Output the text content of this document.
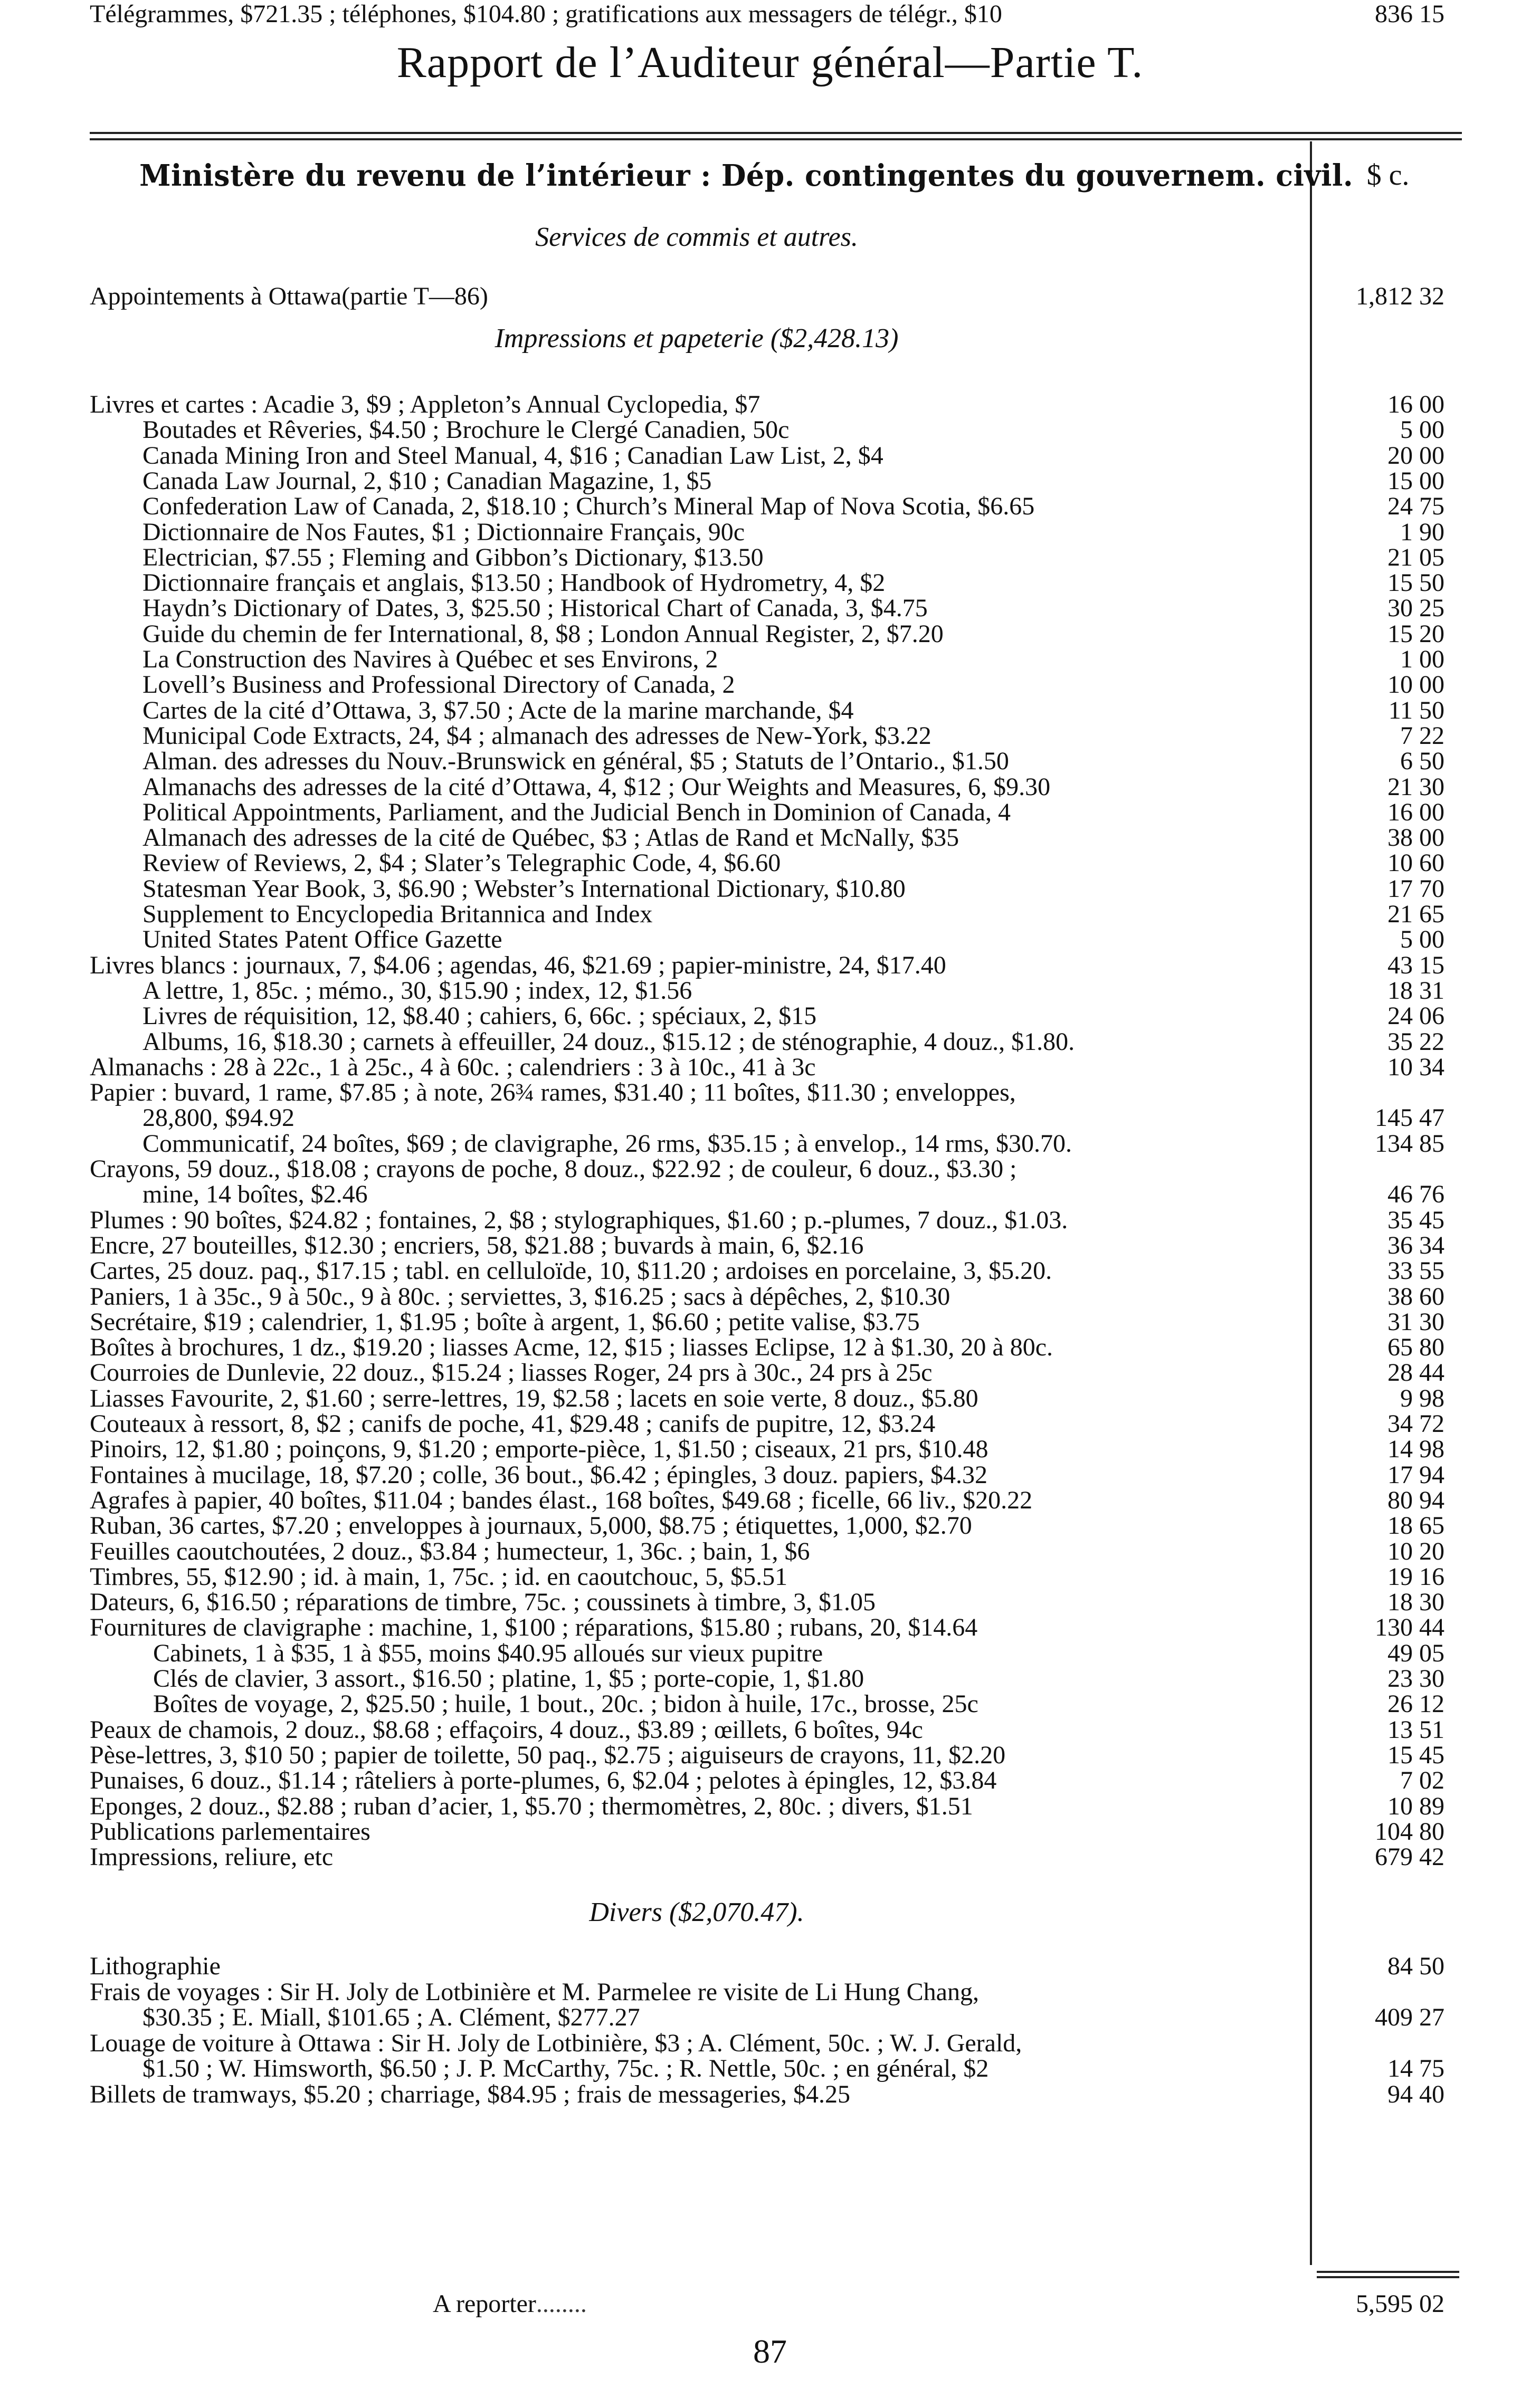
Rapport de l’Auditeur général—Partie T.
Ministère du revenu de l’intérieur : Dép. contingentes du gouvernem. civil. $ c.
Services de commis et autres.
Impressions et papeterie ($2,428.13)
Divers ($2,070.47).
Appointements à Ottawa(partie T—86)	1,812 32
Livres et cartes : Acadie 3, $9 ; Appleton’s Annual Cyclopedia, $7	16 00
Boutades et Rêveries, $4.50 ; Brochure le Clergé Canadien, 50c	5 00
Canada Mining Iron and Steel Manual, 4, $16 ; Canadian Law List, 2, $4	20 00
Canada Law Journal, 2, $10 ; Canadian Magazine, 1, $5	15 00
Confederation Law of Canada, 2, $18.10 ; Church’s Mineral Map of Nova Scotia, $6.65	24 75
Dictionnaire de Nos Fautes, $1 ; Dictionnaire Français, 90c	1 90
Electrician, $7.55 ; Fleming and Gibbon’s Dictionary, $13.50	21 05
Dictionnaire français et anglais, $13.50 ; Handbook of Hydrometry, 4, $2	15 50
Haydn’s Dictionary of Dates, 3, $25.50 ; Historical Chart of Canada, 3, $4.75	30 25
Guide du chemin de fer International, 8, $8 ; London Annual Register, 2, $7.20	15 20
La Construction des Navires à Québec et ses Environs, 2	1 00
Lovell’s Business and Professional Directory of Canada, 2	10 00
Cartes de la cité d’Ottawa, 3, $7.50 ; Acte de la marine marchande, $4	11 50
Municipal Code Extracts, 24, $4 ; almanach des adresses de New-York, $3.22	7 22
Alman. des adresses du Nouv.-Brunswick en général, $5 ; Statuts de l’Ontario., $1.50	6 50
Almanachs des adresses de la cité d’Ottawa, 4, $12 ; Our Weights and Measures, 6, $9.30	21 30
Political Appointments, Parliament, and the Judicial Bench in Dominion of Canada, 4	16 00
Almanach des adresses de la cité de Québec, $3 ; Atlas de Rand et McNally, $35	38 00
Review of Reviews, 2, $4 ; Slater’s Telegraphic Code, 4, $6.60	10 60
Statesman Year Book, 3, $6.90 ; Webster’s International Dictionary, $10.80	17 70
Supplement to Encyclopedia Britannica and Index	21 65
United States Patent Office Gazette	5 00
Livres blancs : journaux, 7, $4.06 ; agendas, 46, $21.69 ; papier-ministre, 24, $17.40	43 15
A lettre, 1, 85c. ; mémo., 30, $15.90 ; index, 12, $1.56	18 31
Livres de réquisition, 12, $8.40 ; cahiers, 6, 66c. ; spéciaux, 2, $15	24 06
Albums, 16, $18.30 ; carnets à effeuiller, 24 douz., $15.12 ; de sténographie, 4 douz., $1.80.	35 22
Almanachs : 28 à 22c., 1 à 25c., 4 à 60c. ; calendriers : 3 à 10c., 41 à 3c	10 34
Papier : buvard, 1 rame, $7.85 ; à note, 26¾ rames, $31.40 ; 11 boîtes, $11.30 ; enveloppes,
28,800, $94.92	145 47
Communicatif, 24 boîtes, $69 ; de clavigraphe, 26 rms, $35.15 ; à envelop., 14 rms, $30.70.	134 85
Crayons, 59 douz., $18.08 ; crayons de poche, 8 douz., $22.92 ; de couleur, 6 douz., $3.30 ;
mine, 14 boîtes, $2.46	46 76
Plumes : 90 boîtes, $24.82 ; fontaines, 2, $8 ; stylographiques, $1.60 ; p.-plumes, 7 douz., $1.03.	35 45
Encre, 27 bouteilles, $12.30 ; encriers, 58, $21.88 ; buvards à main, 6, $2.16	36 34
Cartes, 25 douz. paq., $17.15 ; tabl. en celluloïde, 10, $11.20 ; ardoises en porcelaine, 3, $5.20.	33 55
Paniers, 1 à 35c., 9 à 50c., 9 à 80c. ; serviettes, 3, $16.25 ; sacs à dépêches, 2, $10.30	38 60
Secrétaire, $19 ; calendrier, 1, $1.95 ; boîte à argent, 1, $6.60 ; petite valise, $3.75	31 30
Boîtes à brochures, 1 dz., $19.20 ; liasses Acme, 12, $15 ; liasses Eclipse, 12 à $1.30, 20 à 80c.	65 80
Courroies de Dunlevie, 22 douz., $15.24 ; liasses Roger, 24 prs à 30c., 24 prs à 25c	28 44
Liasses Favourite, 2, $1.60 ; serre-lettres, 19, $2.58 ; lacets en soie verte, 8 douz., $5.80	9 98
Couteaux à ressort, 8, $2 ; canifs de poche, 41, $29.48 ; canifs de pupitre, 12, $3.24	34 72
Pinoirs, 12, $1.80 ; poinçons, 9, $1.20 ; emporte-pièce, 1, $1.50 ; ciseaux, 21 prs, $10.48	14 98
Fontaines à mucilage, 18, $7.20 ; colle, 36 bout., $6.42 ; épingles, 3 douz. papiers, $4.32	17 94
Agrafes à papier, 40 boîtes, $11.04 ; bandes élast., 168 boîtes, $49.68 ; ficelle, 66 liv., $20.22	80 94
Ruban, 36 cartes, $7.20 ; enveloppes à journaux, 5,000, $8.75 ; étiquettes, 1,000, $2.70	18 65
Feuilles caoutchoutées, 2 douz., $3.84 ; humecteur, 1, 36c. ; bain, 1, $6	10 20
Timbres, 55, $12.90 ; id. à main, 1, 75c. ; id. en caoutchouc, 5, $5.51	19 16
Dateurs, 6, $16.50 ; réparations de timbre, 75c. ; coussinets à timbre, 3, $1.05	18 30
Fournitures de clavigraphe : machine, 1, $100 ; réparations, $15.80 ; rubans, 20, $14.64	130 44
Cabinets, 1 à $35, 1 à $55, moins $40.95 alloués sur vieux pupitre	49 05
Clés de clavier, 3 assort., $16.50 ; platine, 1, $5 ; porte-copie, 1, $1.80	23 30
Boîtes de voyage, 2, $25.50 ; huile, 1 bout., 20c. ; bidon à huile, 17c., brosse, 25c	26 12
Peaux de chamois, 2 douz., $8.68 ; effaçoirs, 4 douz., $3.89 ; œillets, 6 boîtes, 94c	13 51
Pèse-lettres, 3, $10 50 ; papier de toilette, 50 paq., $2.75 ; aiguiseurs de crayons, 11, $2.20	15 45
Punaises, 6 douz., $1.14 ; râteliers à porte-plumes, 6, $2.04 ; pelotes à épingles, 12, $3.84	7 02
Eponges, 2 douz., $2.88 ; ruban d’acier, 1, $5.70 ; thermomètres, 2, 80c. ; divers, $1.51	10 89
Publications parlementaires	104 80
Impressions, reliure, etc	679 42
Lithographie	84 50
Frais de voyages : Sir H. Joly de Lotbinière et M. Parmelee re visite de Li Hung Chang,
$30.35 ; E. Miall, $101.65 ; A. Clément, $277.27	409 27
Louage de voiture à Ottawa : Sir H. Joly de Lotbinière, $3 ; A. Clément, 50c. ; W. J. Gerald,
$1.50 ; W. Himsworth, $6.50 ; J. P. McCarthy, 75c. ; R. Nettle, 50c. ; en général, $2	14 75
Billets de tramways, $5.20 ; charriage, $84.95 ; frais de messageries, $4.25	94 40
Télégrammes, $721.35 ; téléphones, $104.80 ; gratifications aux messagers de télégr., $10	836 15
A reporter........	5,595 02
87
